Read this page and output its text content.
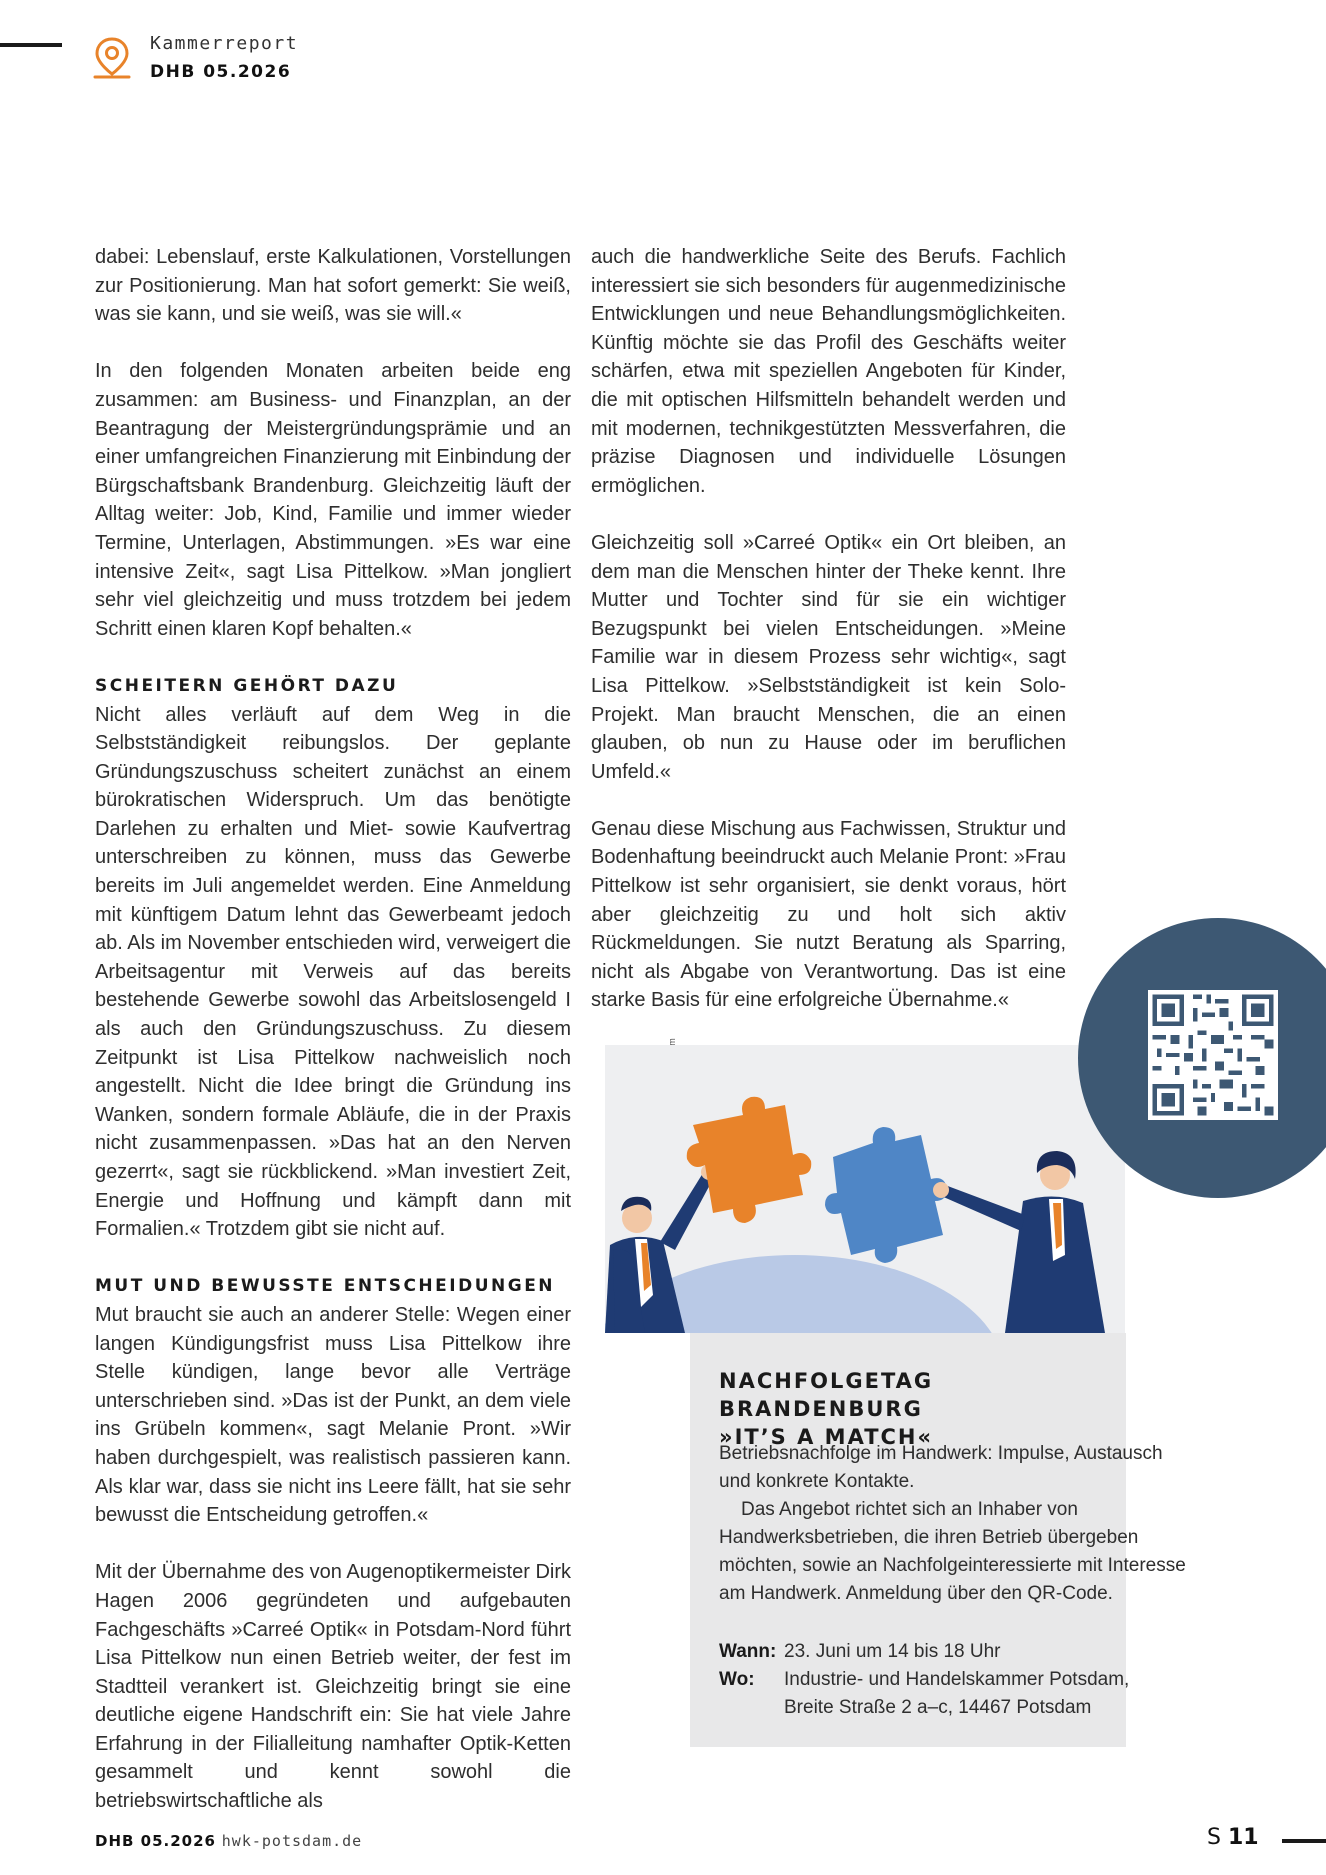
Kammerreport
DHB 05.2026

dabei: Lebenslauf, erste Kalkulationen, Vorstellungen zur Positionierung. Man hat sofort gemerkt: Sie weiß, was sie kann, und sie weiß, was sie will.«

In den folgenden Monaten arbeiten beide eng zusammen: am Business- und Finanzplan, an der Beantragung der Meistergründungsprämie und an einer umfangreichen Finanzierung mit Einbindung der Bürgschaftsbank Brandenburg. Gleichzeitig läuft der Alltag weiter: Job, Kind, Familie und immer wieder Termine, Unterlagen, Abstimmungen. »Es war eine intensive Zeit«, sagt Lisa Pittelkow. »Man jongliert sehr viel gleichzeitig und muss trotzdem bei jedem Schritt einen klaren Kopf behalten.«

SCHEITERN GEHÖRT DAZU

Nicht alles verläuft auf dem Weg in die Selbstständigkeit reibungslos. Der geplante Gründungszuschuss scheitert zunächst an einem bürokratischen Widerspruch. Um das benötigte Darlehen zu erhalten und Miet- sowie Kaufvertrag unterschreiben zu können, muss das Gewerbe bereits im Juli angemeldet werden. Eine Anmeldung mit künftigem Datum lehnt das Gewerbeamt jedoch ab. Als im November entschieden wird, verweigert die Arbeitsagentur mit Verweis auf das bereits bestehende Gewerbe sowohl das Arbeitslosengeld I als auch den Gründungszuschuss. Zu diesem Zeitpunkt ist Lisa Pittelkow nachweislich noch angestellt. Nicht die Idee bringt die Gründung ins Wanken, sondern formale Abläufe, die in der Praxis nicht zusammenpassen. »Das hat an den Nerven gezerrt«, sagt sie rückblickend. »Man investiert Zeit, Energie und Hoffnung und kämpft dann mit Formalien.« Trotzdem gibt sie nicht auf.

MUT UND BEWUSSTE ENTSCHEIDUNGEN

Mut braucht sie auch an anderer Stelle: Wegen einer langen Kündigungsfrist muss Lisa Pittelkow ihre Stelle kündigen, lange bevor alle Verträge unterschrieben sind. »Das ist der Punkt, an dem viele ins Grübeln kommen«, sagt Melanie Pront. »Wir haben durchgespielt, was realistisch passieren kann. Als klar war, dass sie nicht ins Leere fällt, hat sie sehr bewusst die Entscheidung getroffen.«

Mit der Übernahme des von Augenoptikermeister Dirk Hagen 2006 gegründeten und aufgebauten Fachgeschäfts »Carreé Optik« in Potsdam-Nord führt Lisa Pittelkow nun einen Betrieb weiter, der fest im Stadtteil verankert ist. Gleichzeitig bringt sie eine deutliche eigene Handschrift ein: Sie hat viele Jahre Erfahrung in der Filialleitung namhafter Optik-Ketten gesammelt und kennt sowohl die betriebswirtschaftliche als

auch die handwerkliche Seite des Berufs. Fachlich interessiert sie sich besonders für augenmedizinische Entwicklungen und neue Behandlungsmöglichkeiten. Künftig möchte sie das Profil des Geschäfts weiter schärfen, etwa mit speziellen Angeboten für Kinder, die mit optischen Hilfsmitteln behandelt werden und mit modernen, technikgestützten Messverfahren, die präzise Diagnosen und individuelle Lösungen ermöglichen.

Gleichzeitig soll »Carreé Optik« ein Ort bleiben, an dem man die Menschen hinter der Theke kennt. Ihre Mutter und Tochter sind für sie ein wichtiger Bezugspunkt bei vielen Entscheidungen. »Meine Familie war in diesem Prozess sehr wichtig«, sagt Lisa Pittelkow. »Selbstständigkeit ist kein Solo-Projekt. Man braucht Menschen, die an einen glauben, ob nun zu Hause oder im beruflichen Umfeld.«

Genau diese Mischung aus Fachwissen, Struktur und Bodenhaftung beeindruckt auch Melanie Pront: »Frau Pittelkow ist sehr organisiert, sie denkt voraus, hört aber gleichzeitig zu und holt sich aktiv Rückmeldungen. Sie nutzt Beratung als Sparring, nicht als Abgabe von Verantwortung. Das ist eine starke Basis für eine erfolgreiche Übernahme.«

NACHFOLGETAG BRANDENBURG
»IT’S A MATCH«

Betriebsnachfolge im Handwerk: Impulse, Austausch und konkrete Kontakte.

Das Angebot richtet sich an Inhaber von Handwerksbetrieben, die ihren Betrieb übergeben möchten, sowie an Nachfolgeinteressierte mit Interesse am Handwerk. Anmeldung über den QR-Code.

Wann: 23. Juni um 14 bis 18 Uhr
Wo:	Industrie- und Handelskammer Potsdam,
Breite Straße 2 a–c, 14467 Potsdam
DHB 05.2026 hwk-potsdam.de	S 11
